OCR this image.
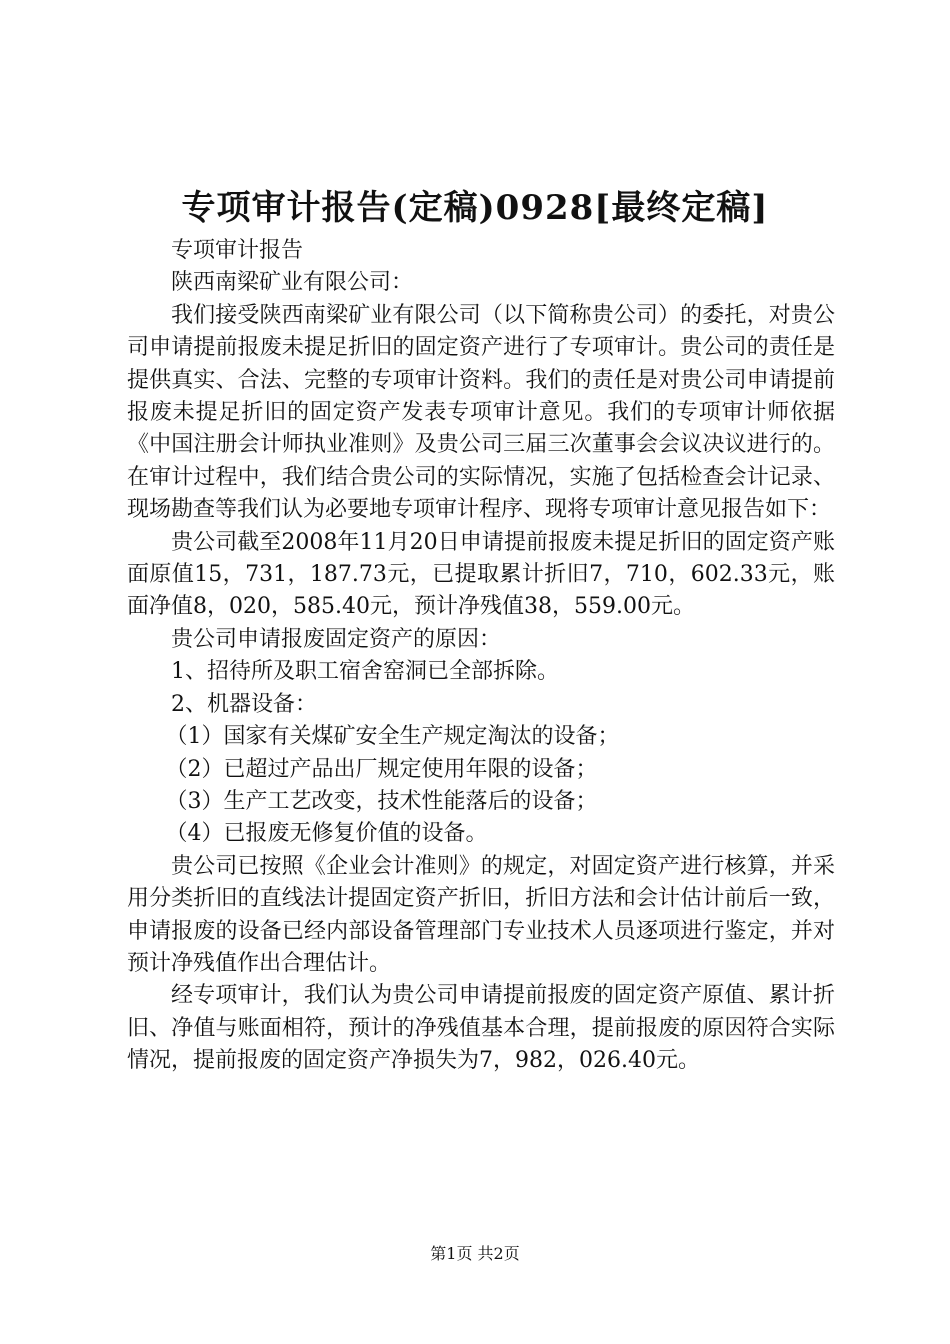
专项审计报告(定稿)0928[最终定稿]

专项审计报告

陕西南梁矿业有限公司：

我们接受陕西南梁矿业有限公司（以下简称贵公司）的委托，对贵公司申请提前报废未提足折旧的固定资产进行了专项审计。贵公司的责任是提供真实、合法、完整的专项审计资料。我们的责任是对贵公司申请提前报废未提足折旧的固定资产发表专项审计意见。我们的专项审计师依据《中国注册会计师执业准则》及贵公司三届三次董事会会议决议进行的。在审计过程中，我们结合贵公司的实际情况，实施了包括检查会计记录、现场勘查等我们认为必要地专项审计程序、现将专项审计意见报告如下：

贵公司截至2008年11月20日申请提前报废未提足折旧的固定资产账面原值15，731，187.73元，已提取累计折旧7，710，602.33元，账面净值8，020，585.40元，预计净残值38，559.00元。

贵公司申请报废固定资产的原因：

1、招待所及职工宿舍窑洞已全部拆除。

2、机器设备：

（1）国家有关煤矿安全生产规定淘汰的设备；

（2）已超过产品出厂规定使用年限的设备；

（3）生产工艺改变，技术性能落后的设备；

（4）已报废无修复价值的设备。

贵公司已按照《企业会计准则》的规定，对固定资产进行核算，并采用分类折旧的直线法计提固定资产折旧，折旧方法和会计估计前后一致，申请报废的设备已经内部设备管理部门专业技术人员逐项进行鉴定，并对预计净残值作出合理估计。

经专项审计，我们认为贵公司申请提前报废的固定资产原值、累计折旧、净值与账面相符，预计的净残值基本合理，提前报废的原因符合实际情况，提前报废的固定资产净损失为7，982，026.40元。

第1页 共2页
